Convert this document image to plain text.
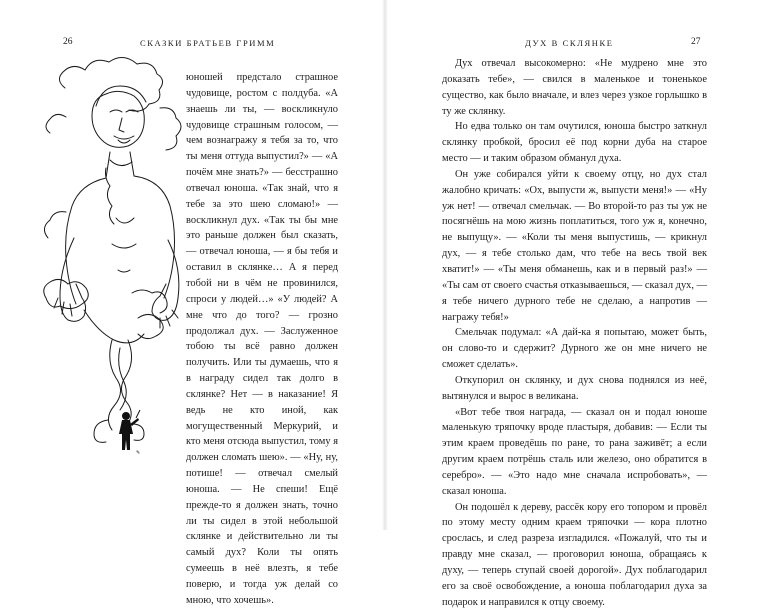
26	СКАЗКИ БРАТЬЕВ ГРИММ
✎

юношей предстало страшное чудовище, ростом с полдуба. «А знаешь ли ты, — воскликнуло чудовище страшным голосом, — чем вознагражу я тебя за то, что ты меня оттуда выпустил?» — «А почём мне знать?» — бесстрашно отвечал юноша. «Так знай, что я тебе за это шею сломаю!» — воскликнул дух. «Так ты бы мне это раньше должен был сказать, — отвечал юноша, — я бы тебя и оставил в склянке… А я перед тобой ни в чём не провинился, спроси у людей…» «У людей? А мне что до того? — грозно продолжал дух. — Заслуженное тобою ты всё равно должен получить. Или ты думаешь, что я в награду сидел так долго в склянке? Нет — в наказание! Я ведь не кто иной, как могущественный Меркурий, и кто меня отсюда выпустил, тому я должен сломать шею». — «Ну, ну, потише! — отвечал смелый юноша. — Не спеши! Ещё прежде-то я должен знать, точно ли ты сидел в этой небольшой склянке и действительно ли ты самый дух? Коли ты опять сумеешь в неё влезть, я тебе поверю, и тогда уж делай со мною, что хочешь».

ДУХ В СКЛЯНКЕ	27

Дух отвечал высокомерно: «Не мудрено мне это доказать тебе», — свился в маленькое и тоненькое существо, как было вначале, и влез через узкое горлышко в ту же склянку.

Но едва только он там очутился, юноша быстро заткнул склянку пробкой, бросил её под корни дуба на старое место — и таким образом обманул духа.

Он уже собирался уйти к своему отцу, но дух стал жалобно кричать: «Ох, выпусти ж, выпусти меня!» — «Ну уж нет! — отвечал смельчак. — Во второй-то раз ты уж не посягнёшь на мою жизнь поплатиться, того уж я, конечно, не выпущу». — «Коли ты меня выпустишь, — крикнул дух, — я тебе столько дам, что тебе на весь твой век хватит!» — «Ты меня обманешь, как и в первый раз!» — «Ты сам от своего счастья отказываешься, — сказал дух, — я тебе ничего дурного тебе не сделаю, а напротив — награжу тебя!»

Смельчак подумал: «А дай-ка я попытаю, может быть, он слово-то и сдержит? Дурного же он мне ничего не сможет сделать».

Откупорил он склянку, и дух снова поднялся из неё, вытянулся и вырос в великана.

«Вот тебе твоя награда, — сказал он и подал юноше маленькую тряпочку вроде пластыря, добавив: — Если ты этим краем проведёшь по ране, то рана заживёт; а если другим краем потрёшь сталь или железо, оно обратится в серебро». — «Это надо мне сначала испробовать», — сказал юноша.

Он подошёл к дереву, рассёк кору его топором и провёл по этому месту одним краем тряпочки — кора плотно срослась, и след разреза изгладился. «Пожалуй, что ты и правду мне сказал, — проговорил юноша, обращаясь к духу, — теперь ступай своей дорогой». Дух поблагодарил его за своё освобождение, а юноша поблагодарил духа за подарок и направился к отцу своему.
